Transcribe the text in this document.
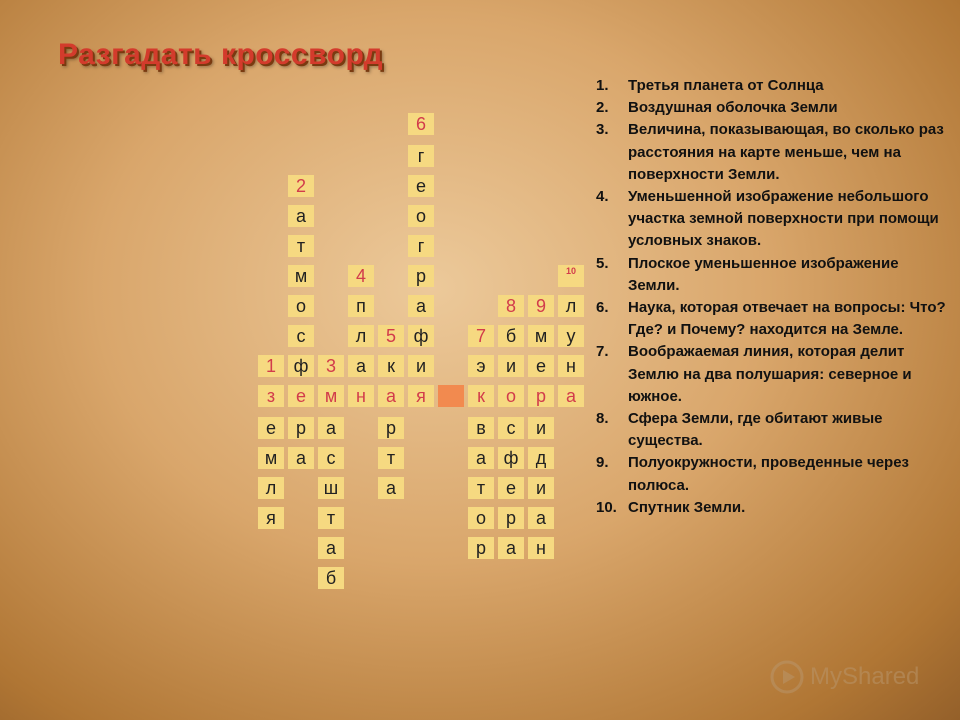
Разгадать кроссворд
6
г
е
о
г
р
а
ф
и
я
2
а
т
м
о
с
ф
е
р
а
1
з
е
м
л
я
3
м
а
с
ш
т
а
б
4
п
л
а
н
5
к
а
р
т
а
7
э
к
в
а
т
о
р
8
б
и
о
с
ф
е
р
а
9
м
е
р
и
д
и
а
н
10
л
у
н
а
1. Третья планета от Солнца
2. Воздушная оболочка Земли
3. Величина, показывающая, во сколько раз расстояния на карте меньше, чем на поверхности Земли.
4. Уменьшенной изображение небольшого участка земной поверхности при помощи условных знаков.
5. Плоское уменьшенное изображение Земли.
6. Наука, которая отвечает на вопросы: Что? Где? и Почему? находится на Земле.
7. Воображаемая линия, которая делит Землю на два полушария: северное и южное.
8. Сфера Земли, где обитают живые существа.
9. Полуокружности, проведенные через полюса.
10. Спутник Земли.
MyShared
